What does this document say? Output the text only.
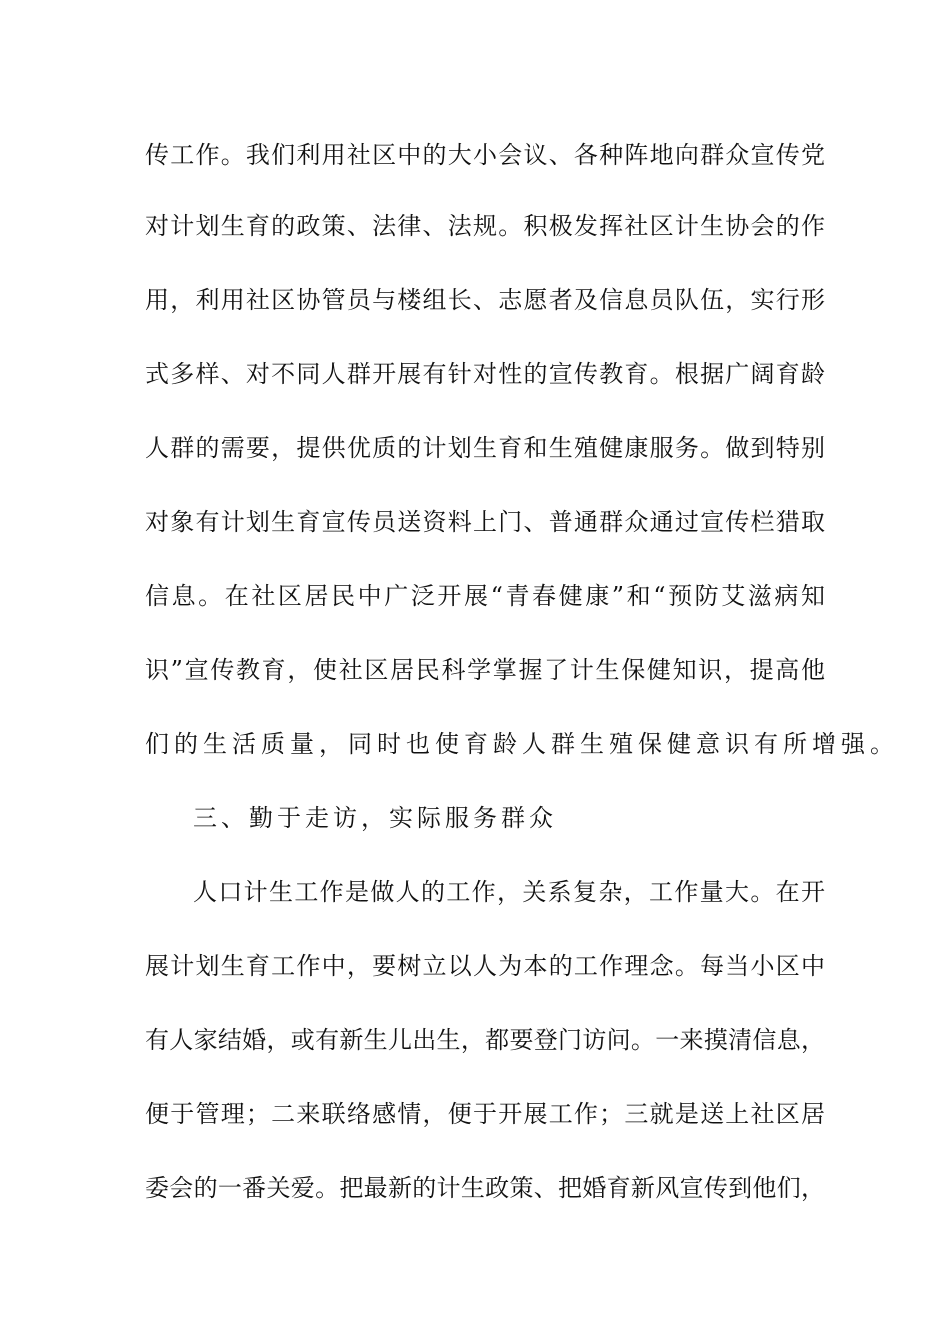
传工作。我们利用社区中的大小会议、各种阵地向群众宣传党
对计划生育的政策、法律、法规。积极发挥社区计生协会的作
用，利用社区协管员与楼组长、志愿者及信息员队伍，实行形
式多样、对不同人群开展有针对性的宣传教育。根据广阔育龄
人群的需要，提供优质的计划生育和生殖健康服务。做到特别
对象有计划生育宣传员送资料上门、普通群众通过宣传栏猎取
信息。在社区居民中广泛开展“青春健康”和“预防艾滋病知
识”宣传教育，使社区居民科学掌握了计生保健知识，提高他
们的生活质量，同时也使育龄人群生殖保健意识有所增强。
三、勤于走访，实际服务群众
人口计生工作是做人的工作，关系复杂，工作量大。在开
展计划生育工作中，要树立以人为本的工作理念。每当小区中
有人家结婚，或有新生儿出生，都要登门访问。一来摸清信息，
便于管理；二来联络感情，便于开展工作；三就是送上社区居
委会的一番关爱。把最新的计生政策、把婚育新风宣传到他们，
